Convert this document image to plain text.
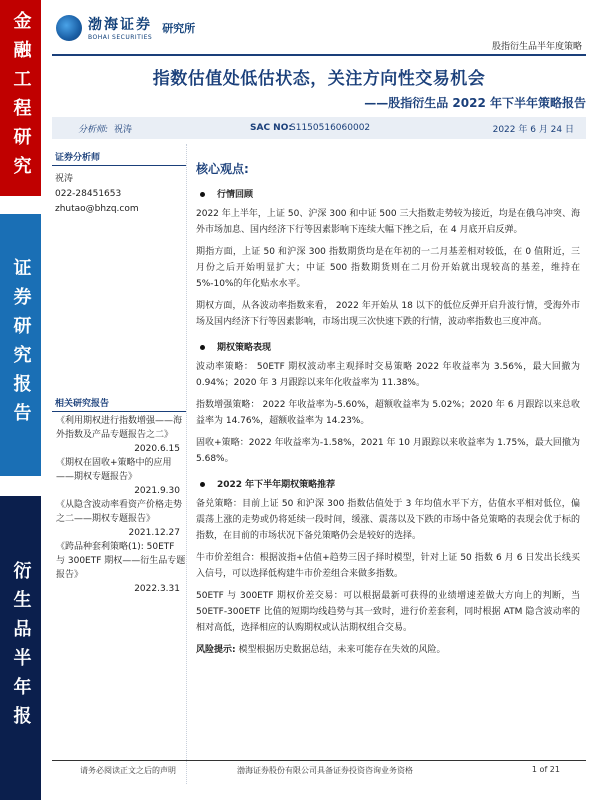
金融工程研究
证券研究报告
衍生品半年报
渤海证券
BOHAI SECURITIES
研究所
股指衍生品半年度策略
指数估值处低估状态，关注方向性交易机会
——股指衍生品 2022 年下半年策略报告
分析师: 祝涛	SAC NO:
S1150516060002	2022 年 6 月 24 日
证券分析师
祝涛
022-28451653
zhutao@bhzq.com
相关研究报告
《利用期权进行指数增强——海外指数及产品专题报告之二》
2020.6.15
《期权在固收+策略中的应用——期权专题报告》
2021.9.30
《从隐含波动率看资产价格走势之二——期权专题报告》
2021.12.27
《跨品种套利策略(1): 50ETF 与 300ETF 期权——衍生品专题报告》
2022.3.31
核心观点:
行情回顾
2022 年上半年，上证 50、沪深 300 和中证 500 三大指数走势较为接近，均是在俄乌冲突、海外市场加息、国内经济下行等因素影响下连续大幅下挫之后，在 4 月底开启反弹。
期指方面，上证 50 和沪深 300 指数期货均是在年初的一二月基差相对较低，在 0 值附近，三月份之后开始明显扩大；中证 500 指数期货则在二月份开始就出现较高的基差，维持在 5%-10%的年化贴水水平。
期权方面，从各波动率指数来看， 2022 年开始从 18 以下的低位反弹开启升波行情，受海外市场及国内经济下行等因素影响，市场出现三次快速下跌的行情，波动率指数也三度冲高。
期权策略表现
波动率策略： 50ETF 期权波动率主观择时交易策略 2022 年收益率为 3.56%，最大回撤为 0.94%；2020 年 3 月跟踪以来年化收益率为 11.38%。
指数增强策略： 2022 年收益率为-5.60%，超额收益率为 5.02%；2020 年 6 月跟踪以来总收益率为 14.76%，超额收益率为 14.23%。
固收+策略：2022 年收益率为-1.58%，2021 年 10 月跟踪以来收益率为 1.75%，最大回撤为 5.68%。
2022 年下半年期权策略推荐
备兑策略：目前上证 50 和沪深 300 指数估值处于 3 年均值水平下方，估值水平相对低位，偏震荡上涨的走势或仍将延续一段时间，缓涨、震荡以及下跌的市场中备兑策略的表现会优于标的指数，在目前的市场状况下备兑策略仍会是较好的选择。
牛市价差组合：根据波指+估值+趋势三因子择时模型，针对上证 50 指数 6 月 6 日发出长线买入信号，可以选择低构建牛市价差组合来做多指数。
50ETF 与 300ETF 期权价差交易：可以根据最新可获得的业绩增速差做大方向上的判断，当 50ETF-300ETF 比值的短期均线趋势与其一致时，进行价差套利，同时根据 ATM 隐含波动率的相对高低，选择相应的认购期权或认沽期权组合交易。
风险提示: 模型根据历史数据总结，未来可能存在失效的风险。
请务必阅读正文之后的声明	渤海证券股份有限公司具备证券投资咨询业务资格	1 of 21
